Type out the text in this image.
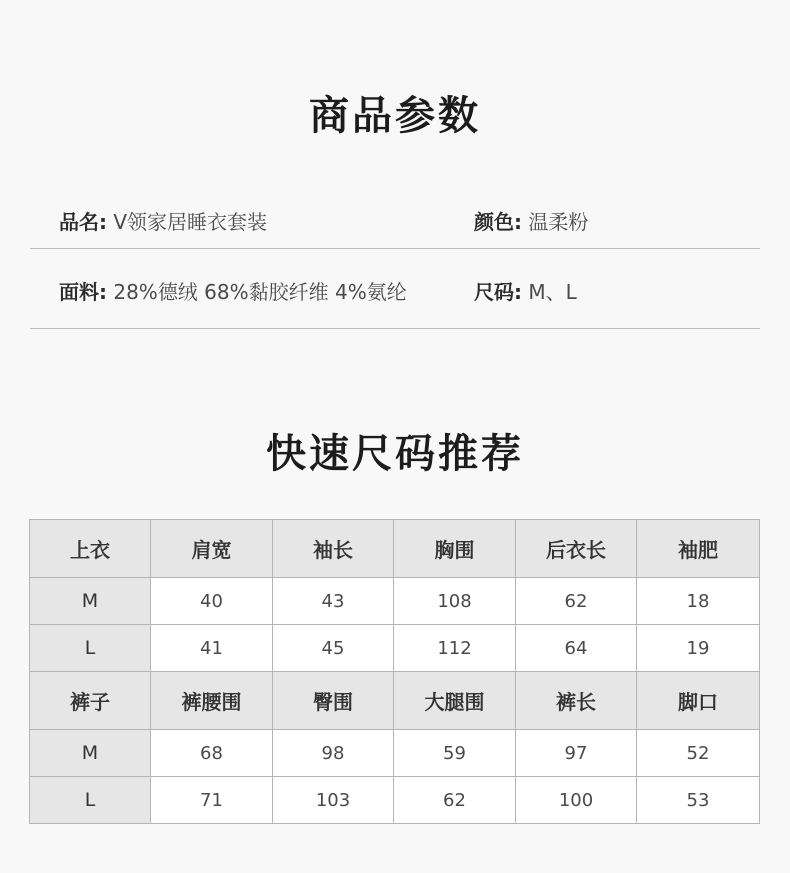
商品参数
品名: V领家居睡衣套装	颜色: 温柔粉
面料: 28%德绒 68%黏胶纤维 4%氨纶	尺码: M、L
快速尺码推荐
上衣	肩宽	袖长	胸围	后衣长	袖肥
M	40	43	108	62	18
L	41	45	112	64	19
裤子	裤腰围	臀围	大腿围	裤长	脚口
M	68	98	59	97	52
L	71	103	62	100	53
